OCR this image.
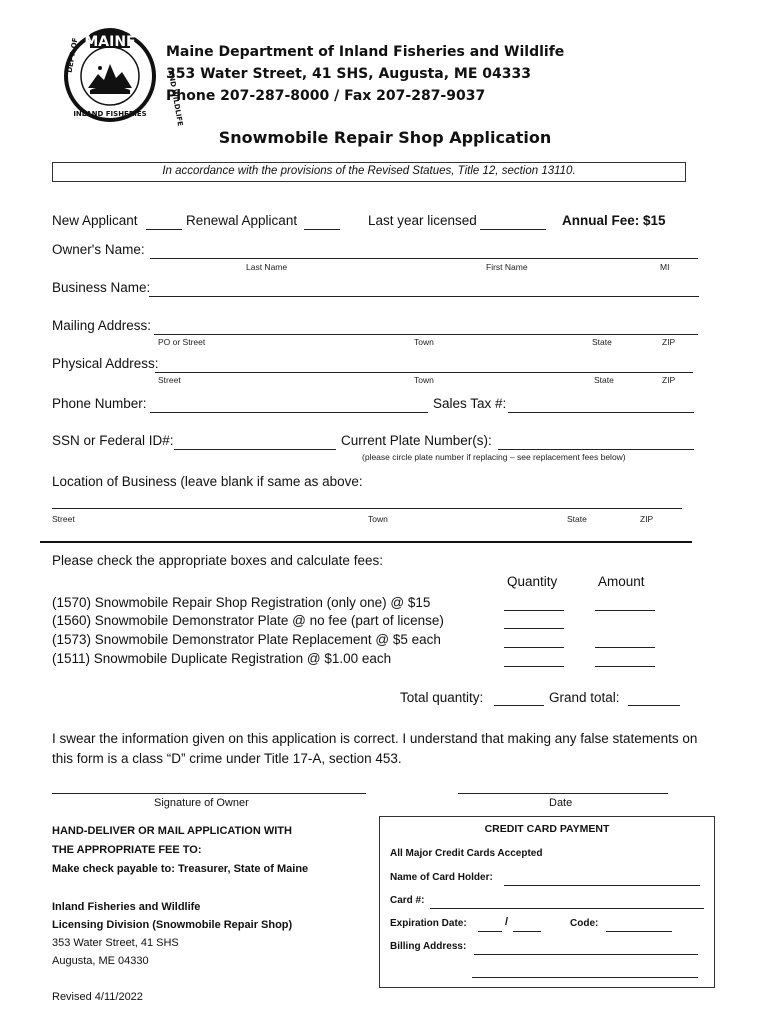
MAINE
DEPT. OF
INLAND FISHERIES	AND WILDLIFE
Maine Department of Inland Fisheries and Wildlife
353 Water Street, 41 SHS, Augusta, ME 04333
Phone 207-287-8000 / Fax 207-287-9037
Snowmobile Repair Shop Application
In accordance with the provisions of the Revised Statues, Title 12, section 13110.
New Applicant	Renewal Applicant	Last year licensed	Annual Fee: $15
Owner's Name:
Last Name	First Name	MI
Business Name:
Mailing Address:
PO or Street	Town	State	ZIP
Physical Address:
Street	Town	State	ZIP
Phone Number:	Sales Tax #:
SSN or Federal ID#:	Current Plate Number(s):
(please circle plate number if replacing – see replacement fees below)
Location of Business (leave blank if same as above:
Street	Town	State	ZIP
Please check the appropriate boxes and calculate fees:
Quantity	Amount
(1570) Snowmobile Repair Shop Registration (only one) @ $15
(1560) Snowmobile Demonstrator Plate @ no fee (part of license)
(1573) Snowmobile Demonstrator Plate Replacement @ $5 each
(1511) Snowmobile Duplicate Registration @ $1.00 each
Total quantity:	Grand total:
I swear the information given on this application is correct. I understand that making any false statements on
this form is a class “D” crime under Title 17-A, section 453.
Signature of Owner	Date
HAND-DELIVER OR MAIL APPLICATION WITH
THE APPROPRIATE FEE TO:
Make check payable to: Treasurer, State of Maine
Inland Fisheries and Wildlife
Licensing Division (Snowmobile Repair Shop)
353 Water Street, 41 SHS
Augusta, ME 04330
CREDIT CARD PAYMENT
All Major Credit Cards Accepted
Name of Card Holder:
Card #:
Expiration Date:	/	Code:
Billing Address:
Revised 4/11/2022
